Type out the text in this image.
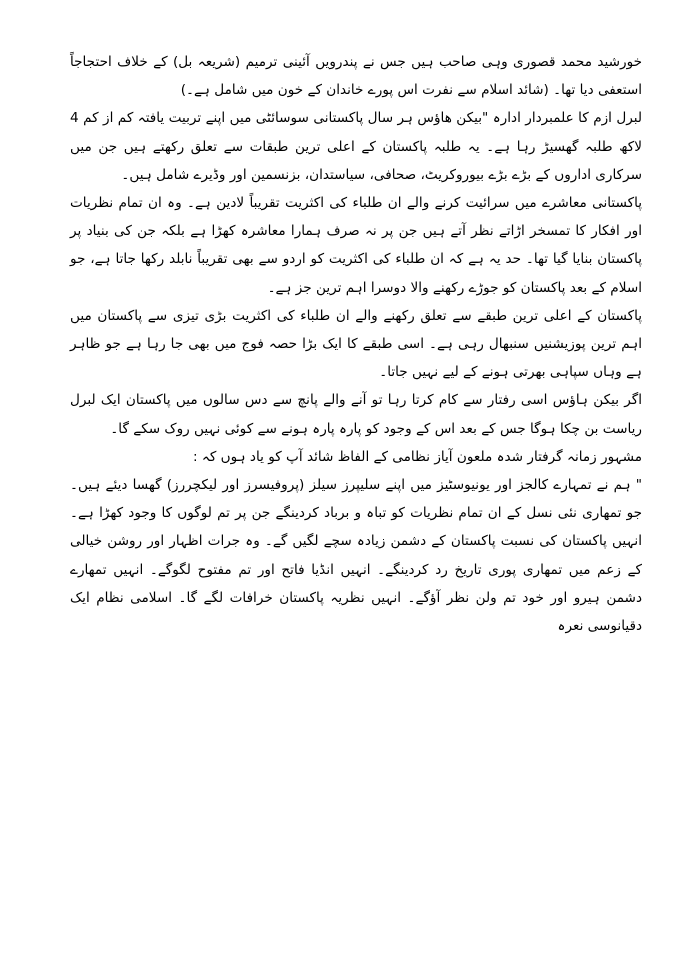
خورشید محمد قصوری وہی صاحب ہیں جس نے پندرویں آئینی ترمیم (شریعہ بل) کے خلاف احتجاجاً استعفی دیا تھا۔ (شائد اسلام سے نفرت اس پورے خاندان کے خون میں شامل ہے۔)

لبرل ازم کا علمبردار ادارہ "بیکن ھاؤس ہر سال پاکستانی سوسائٹی میں اپنے تربیت یافتہ کم از کم 4 لاکھ طلبہ گھسیڑ رہا ہے۔ یہ طلبہ پاکستان کے اعلی ترین طبقات سے تعلق رکھتے ہیں جن میں سرکاری اداروں کے بڑے بڑے بیوروکریٹ، صحافی، سیاستدان، بزنسمین اور وڈیرے شامل ہیں۔

پاکستانی معاشرے میں سرائیت کرنے والے ان طلباء کی اکثریت تقریباً لادین ہے۔ وہ ان تمام نظریات اور افکار کا تمسخر اڑاتے نظر آتے ہیں جن پر نہ صرف ہمارا معاشرہ کھڑا ہے بلکہ جن کی بنیاد پر پاکستان بنایا گیا تھا۔ حد یہ ہے کہ ان طلباء کی اکثریت کو اردو سے بھی تقریباً نابلد رکھا جاتا ہے، جو اسلام کے بعد پاکستان کو جوڑے رکھنے والا دوسرا اہم ترین جز ہے۔

پاکستان کے اعلی ترین طبقے سے تعلق رکھنے والے ان طلباء کی اکثریت بڑی تیزی سے پاکستان میں اہم ترین پوزیشنیں سنبھال رہی ہے۔ اسی طبقے کا ایک بڑا حصہ فوج میں بھی جا رہا ہے جو ظاہر ہے وہاں سپاہی بھرتی ہونے کے لیے نہیں جاتا۔

اگر بیکن ہاؤس اسی رفتار سے کام کرتا رہا تو آنے والے پانچ سے دس سالوں میں پاکستان ایک لبرل ریاست بن چکا ہوگا جس کے بعد اس کے وجود کو پارہ پارہ ہونے سے کوئی نہیں روک سکے گا۔

مشہور زمانہ گرفتار شدہ ملعون آیاز نظامی کے الفاظ شائد آپ کو یاد ہوں کہ :

" ہم نے تمہارے کالجز اور یونیوسٹیز میں اپنے سلیپرز سیلز (پروفیسرز اور لیکچررز) گھسا دیئے ہیں۔ جو تمھاری نئی نسل کے ان تمام نظریات کو تباہ و برباد کردینگے جن پر تم لوگوں کا وجود کھڑا ہے۔ انہیں پاکستان کی نسبت پاکستان کے دشمن زیادہ سچے لگیں گے۔ وہ جرات اظہار اور روشن خیالی کے زعم میں تمھاری پوری تاریخ رد کردینگے۔ انہیں انڈیا فاتح اور تم مفتوح لگوگے۔ انہیں تمھارے دشمن ہیرو اور خود تم ولن نظر آؤگے۔ انہیں نظریہ پاکستان خرافات لگے گا۔ اسلامی نظام ایک دقیانوسی نعرہ
